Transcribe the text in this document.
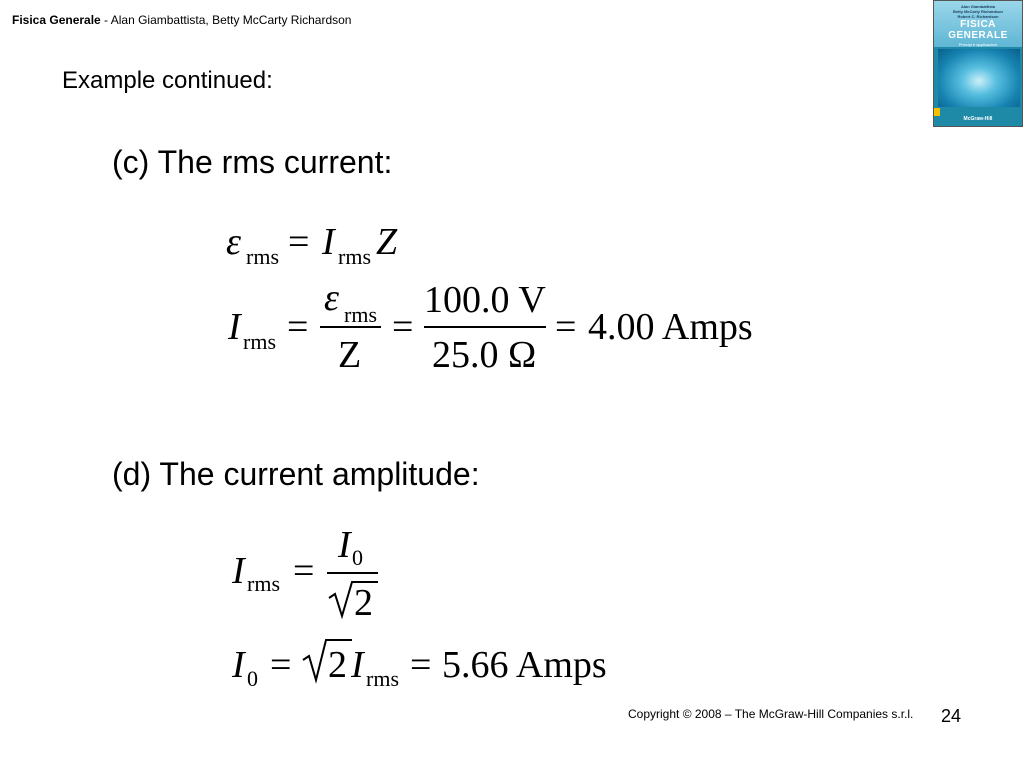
Fisica Generale - Alan Giambattista, Betty McCarty Richardson
Alan Giambattista
Betty McCarty Richardson
Robert C. Richardson
FISICA
GENERALE
Principi e applicazioni
McGraw-Hill
Example continued:
(c) The rms current:
(d) The current amplitude:
ε rms = I rms Z
I rms =
ε rms
Z
=
100.0 V
25.0 Ω
= 4.00 Amps
I rms =
I 0
2
I 0 = 2 I rms = 5.66 Amps
Copyright © 2008 – The McGraw-Hill Companies s.r.l. 24
